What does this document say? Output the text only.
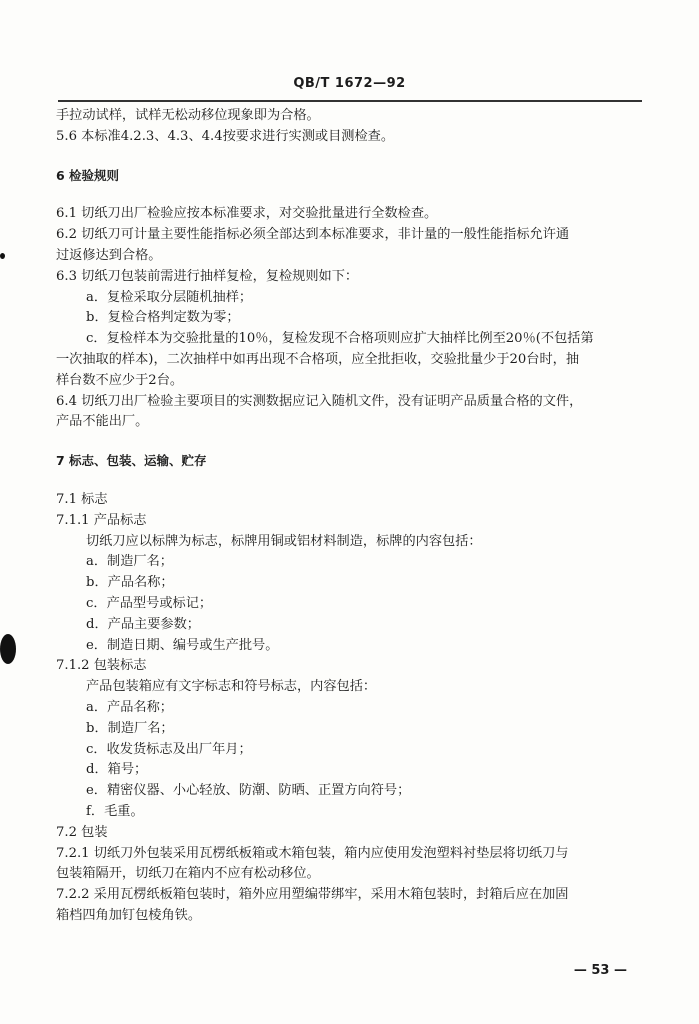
QB/T 1672—92

手拉动试样，试样无松动移位现象即为合格。

5.6 本标准4.2.3、4.3、4.4按要求进行实测或目测检查。

6 检验规则

6.1 切纸刀出厂检验应按本标准要求，对交验批量进行全数检查。

6.2 切纸刀可计量主要性能指标必须全部达到本标准要求，非计量的一般性能指标允许通

过返修达到合格。

6.3 切纸刀包装前需进行抽样复检，复检规则如下：

a．复检采取分层随机抽样；

b．复检合格判定数为零；

c．复检样本为交验批量的10％，复检发现不合格项则应扩大抽样比例至20％(不包括第

一次抽取的样本)，二次抽样中如再出现不合格项，应全批拒收，交验批量少于20台时，抽

样台数不应少于2台。

6.4 切纸刀出厂检验主要项目的实测数据应记入随机文件，没有证明产品质量合格的文件，

产品不能出厂。

7 标志、包装、运输、贮存

7.1 标志

7.1.1 产品标志

切纸刀应以标牌为标志，标牌用铜或铝材料制造，标牌的内容包括：

a．制造厂名；

b．产品名称；

c．产品型号或标记；

d．产品主要参数；

e．制造日期、编号或生产批号。

7.1.2 包装标志

产品包装箱应有文字标志和符号标志，内容包括：

a．产品名称；

b．制造厂名；

c．收发货标志及出厂年月；

d．箱号；

e．精密仪器、小心轻放、防潮、防晒、正置方向符号；

f．毛重。

7.2 包装

7.2.1 切纸刀外包装采用瓦楞纸板箱或木箱包装，箱内应使用发泡塑料衬垫层将切纸刀与

包装箱隔开，切纸刀在箱内不应有松动移位。

7.2.2 采用瓦楞纸板箱包装时，箱外应用塑编带绑牢，采用木箱包装时，封箱后应在加固

箱档四角加钉包棱角铁。

— 53 —
